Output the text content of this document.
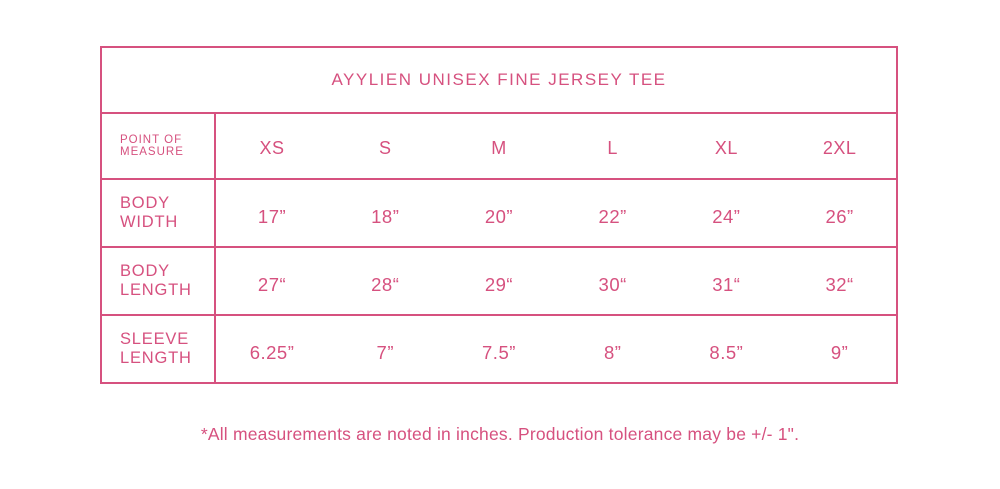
AYYLIEN UNISEX FINE JERSEY TEE						
POINT OF MEASURE	XS	S	M	L	XL	2XL
BODY WIDTH	17”	18”	20”	22”	24”	26”
BODY LENGTH	27“	28“	29“	30“	31“	32“
SLEEVE LENGTH	6.25”	7”	7.5”	8”	8.5”	9”
*All measurements are noted in inches. Production tolerance may be +/- 1".
